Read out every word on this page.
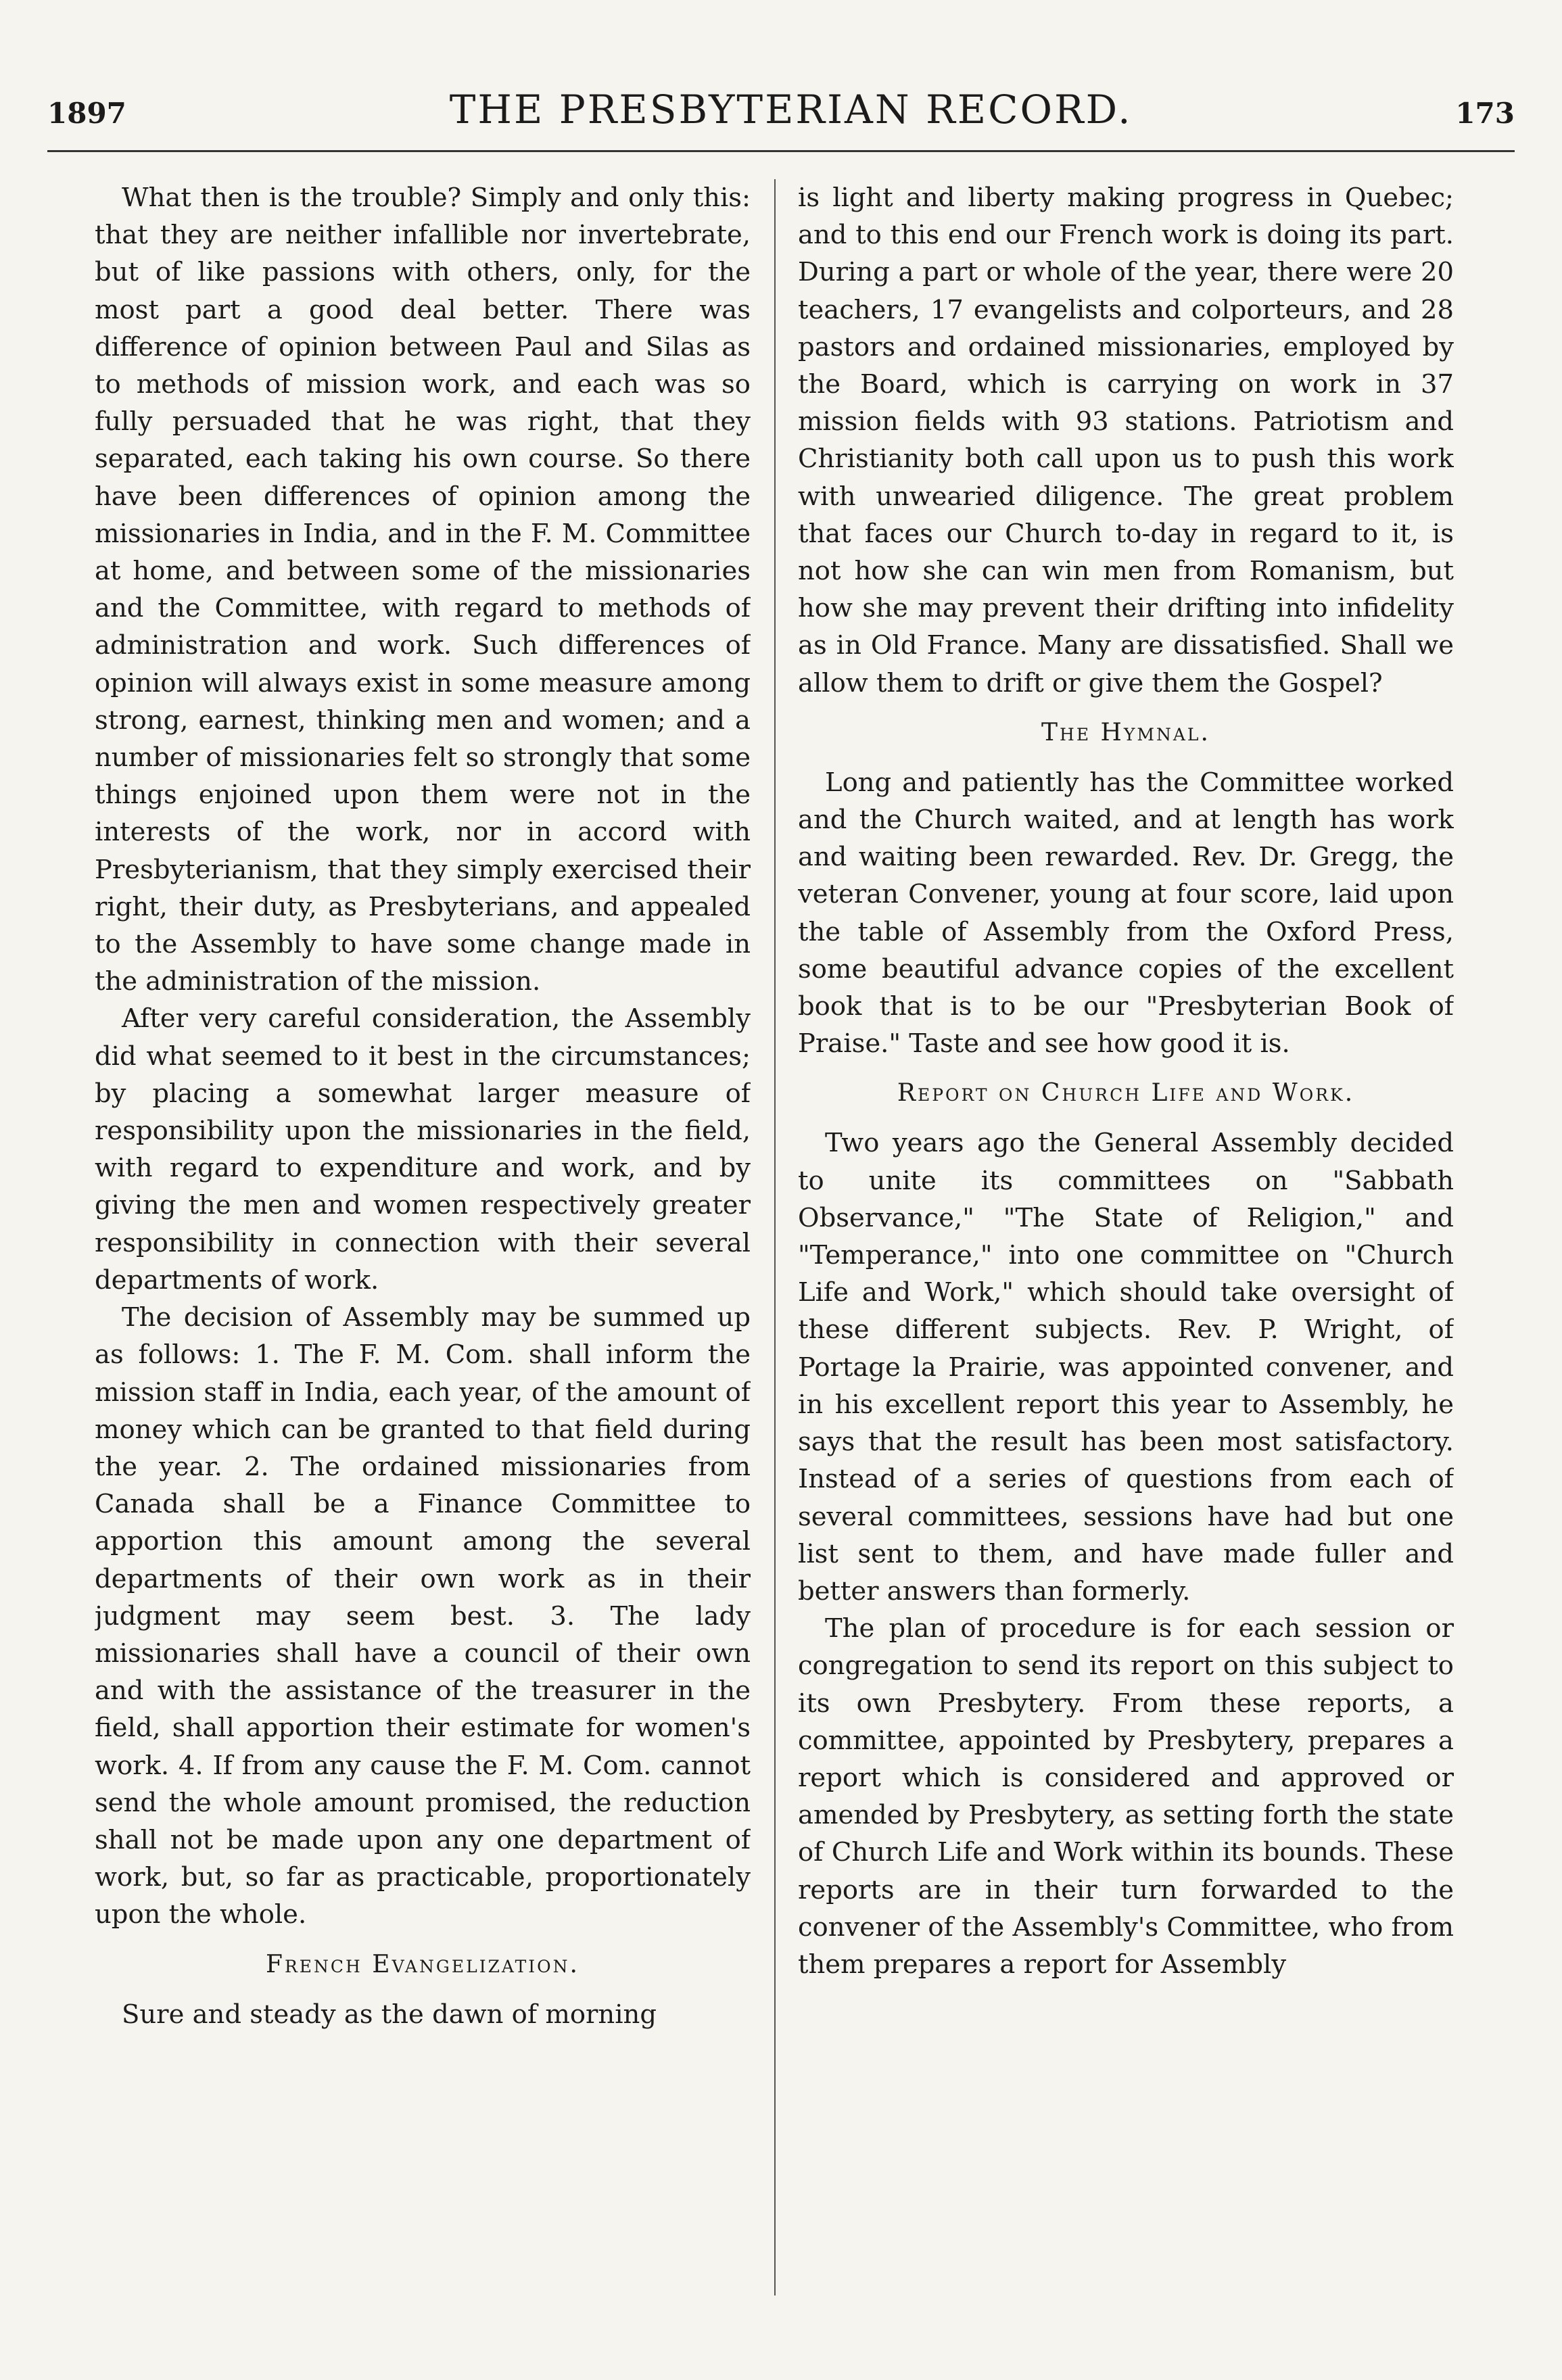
1897	THE PRESBYTERIAN RECORD.	173

What then is the trouble? Simply and only this: that they are neither infallible nor invertebrate, but of like passions with others, only, for the most part a good deal better. There was difference of opinion between Paul and Silas as to methods of mission work, and each was so fully persuaded that he was right, that they separated, each taking his own course. So there have been differences of opinion among the missionaries in India, and in the F. M. Committee at home, and between some of the missionaries and the Committee, with regard to methods of administration and work. Such differences of opinion will always exist in some measure among strong, earnest, thinking men and women; and a number of missionaries felt so strongly that some things enjoined upon them were not in the interests of the work, nor in accord with Presbyterianism, that they simply exercised their right, their duty, as Presbyterians, and appealed to the Assembly to have some change made in the administration of the mission.

After very careful consideration, the Assembly did what seemed to it best in the circumstances; by placing a somewhat larger measure of responsibility upon the missionaries in the field, with regard to expenditure and work, and by giving the men and women respectively greater responsibility in connection with their several departments of work.

The decision of Assembly may be summed up as follows: 1. The F. M. Com. shall inform the mission staff in India, each year, of the amount of money which can be granted to that field during the year. 2. The ordained missionaries from Canada shall be a Finance Committee to apportion this amount among the several departments of their own work as in their judgment may seem best. 3. The lady missionaries shall have a council of their own and with the assistance of the treasurer in the field, shall apportion their estimate for women's work. 4. If from any cause the F. M. Com. cannot send the whole amount promised, the reduction shall not be made upon any one department of work, but, so far as practicable, proportionately upon the whole.

French Evangelization.

Sure and steady as the dawn of morning

is light and liberty making progress in Quebec; and to this end our French work is doing its part. During a part or whole of the year, there were 20 teachers, 17 evangelists and colporteurs, and 28 pastors and ordained missionaries, employed by the Board, which is carrying on work in 37 mission fields with 93 stations. Patriotism and Christianity both call upon us to push this work with unwearied diligence. The great problem that faces our Church to-day in regard to it, is not how she can win men from Romanism, but how she may prevent their drifting into infidelity as in Old France. Many are dissatisfied. Shall we allow them to drift or give them the Gospel?

The Hymnal.

Long and patiently has the Committee worked and the Church waited, and at length has work and waiting been rewarded. Rev. Dr. Gregg, the veteran Convener, young at four score, laid upon the table of Assembly from the Oxford Press, some beautiful advance copies of the excellent book that is to be our "Presbyterian Book of Praise." Taste and see how good it is.

Report on Church Life and Work.

Two years ago the General Assembly decided to unite its committees on "Sabbath Observance," "The State of Religion," and "Temperance," into one committee on "Church Life and Work," which should take oversight of these different subjects. Rev. P. Wright, of Portage la Prairie, was appointed convener, and in his excellent report this year to Assembly, he says that the result has been most satisfactory. Instead of a series of questions from each of several committees, sessions have had but one list sent to them, and have made fuller and better answers than formerly.

The plan of procedure is for each session or congregation to send its report on this subject to its own Presbytery. From these reports, a committee, appointed by Presbytery, prepares a report which is considered and approved or amended by Presbytery, as setting forth the state of Church Life and Work within its bounds. These reports are in their turn forwarded to the convener of the Assembly's Committee, who from them prepares a report for Assembly
